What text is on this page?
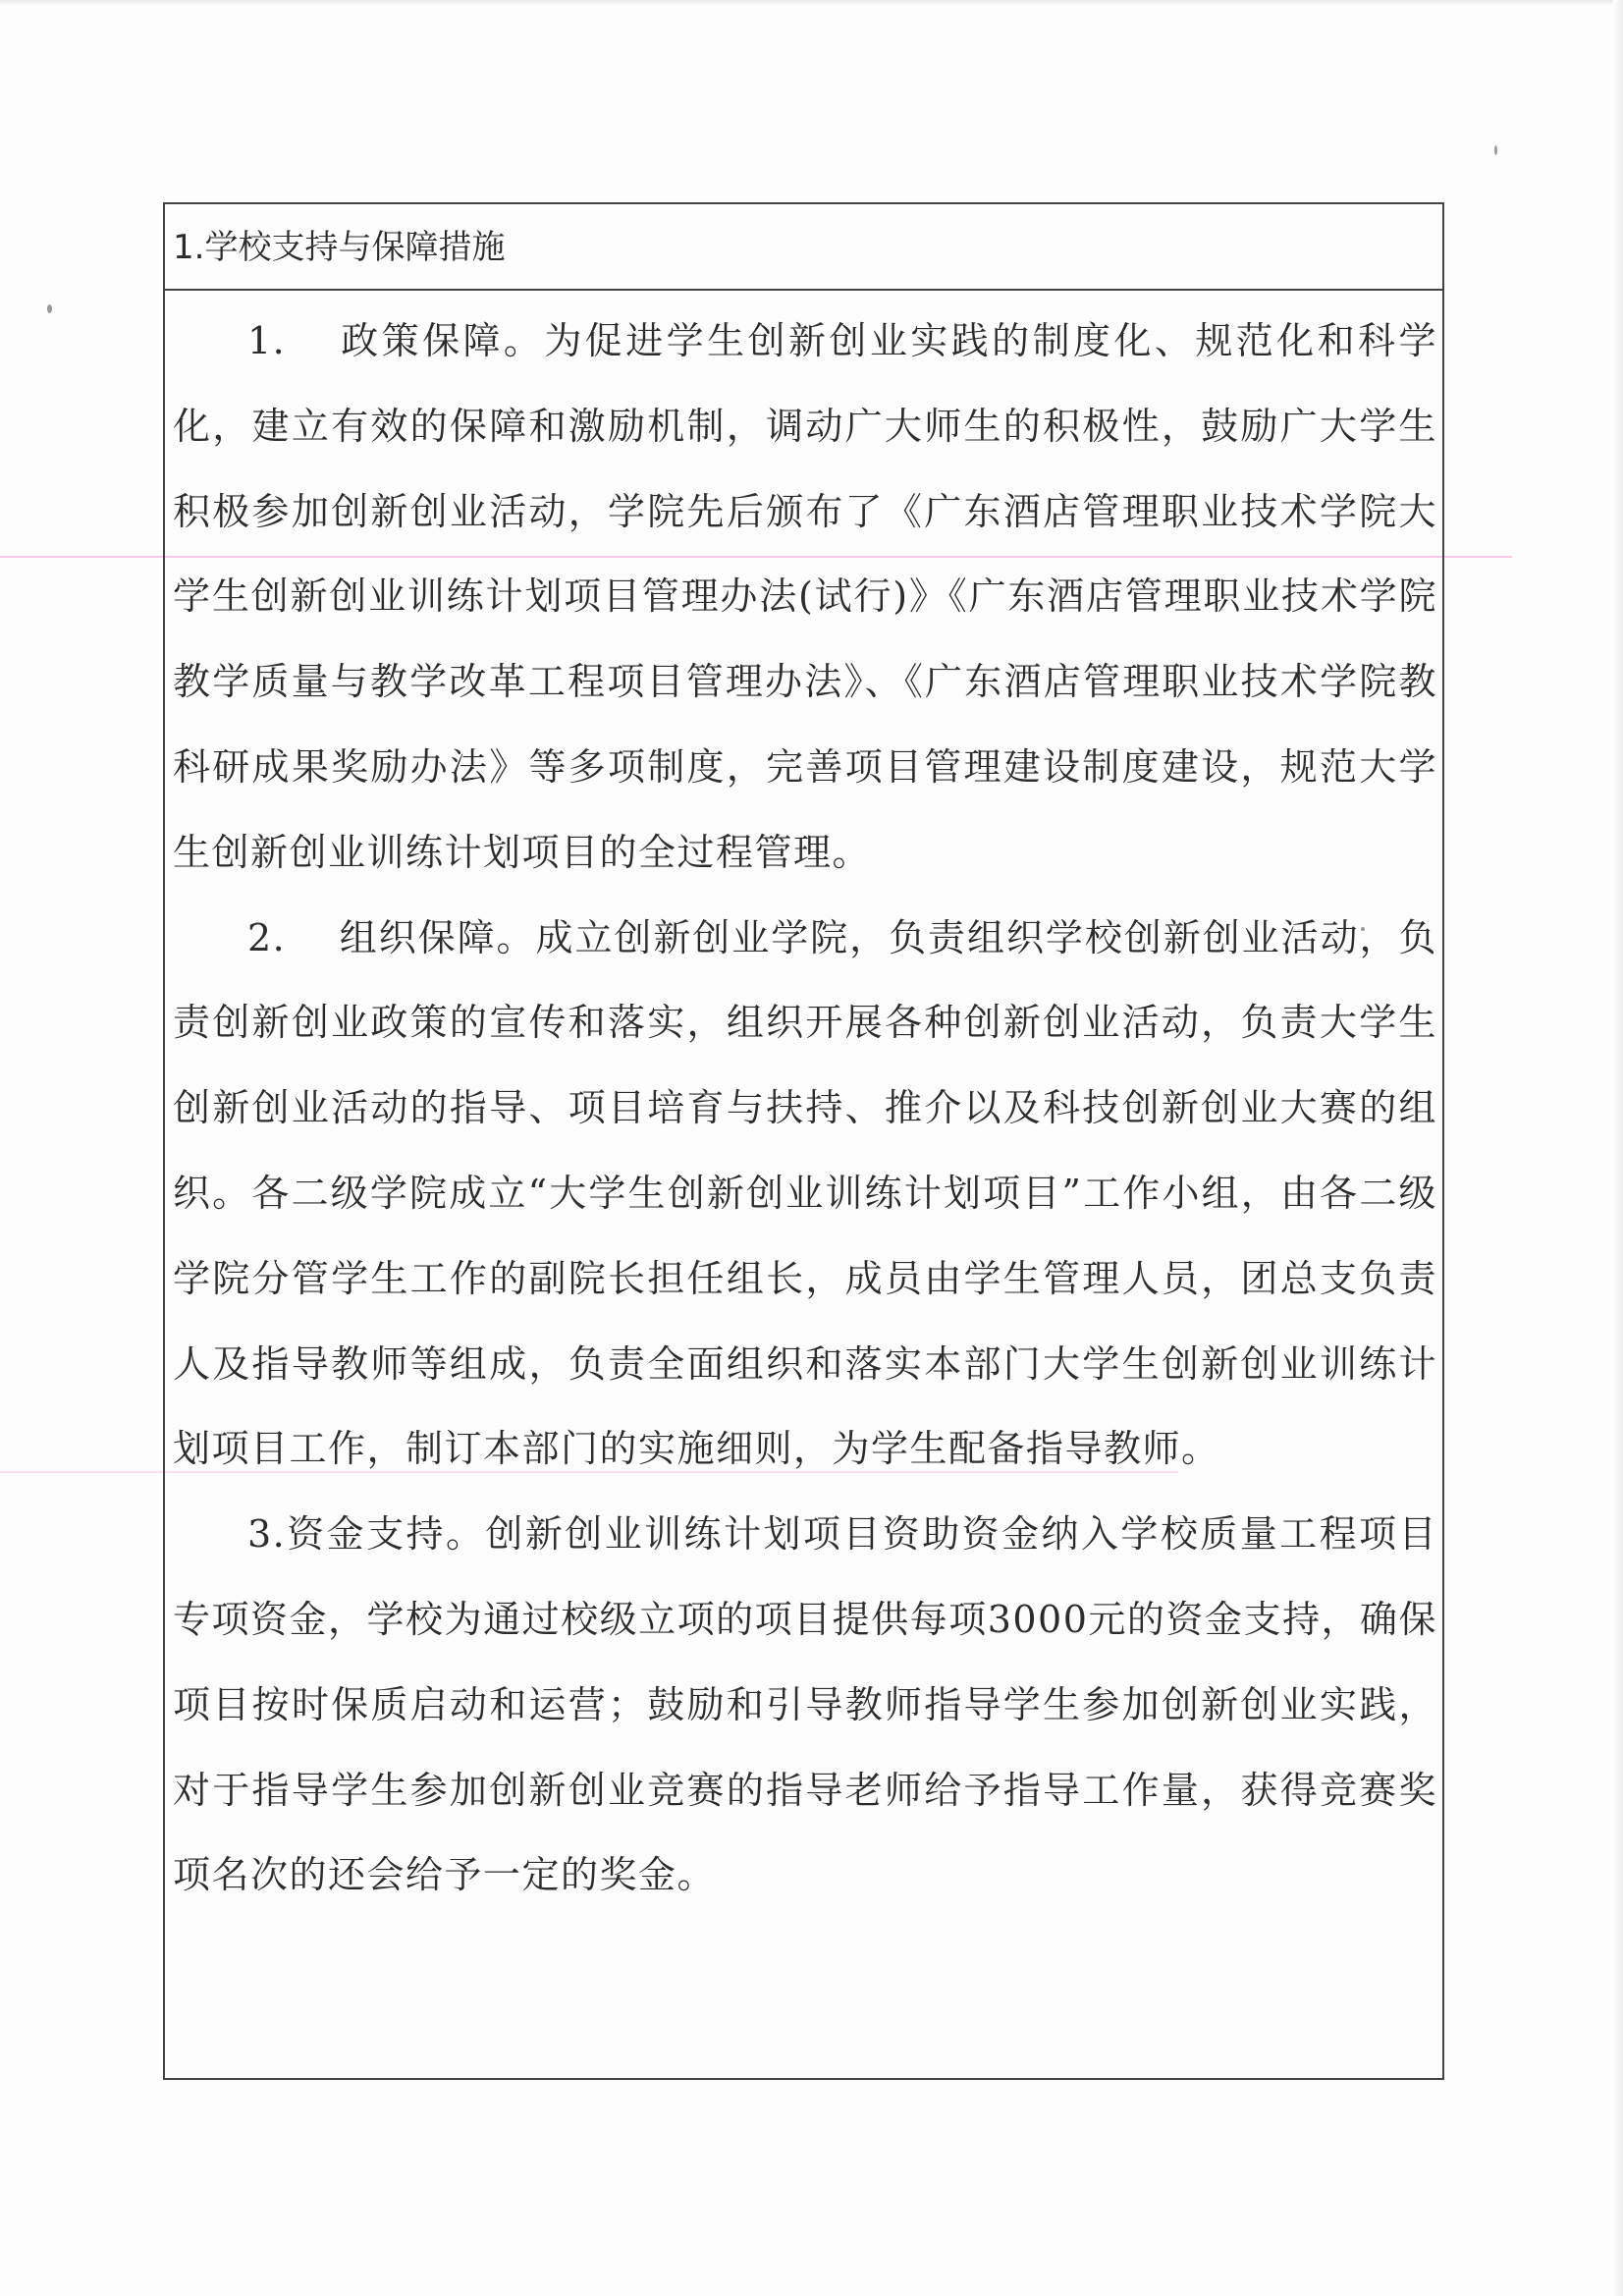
1.学校支持与保障措施

1. 政策保障。为促进学生创新创业实践的制度化、规范化和科学化，建立有效的保障和激励机制，调动广大师生的积极性，鼓励广大学生积极参加创新创业活动，学院先后颁布了《广东酒店管理职业技术学院大学生创新创业训练计划项目管理办法(试行)》《广东酒店管理职业技术学院教学质量与教学改革工程项目管理办法》、《广东酒店管理职业技术学院教科研成果奖励办法》等多项制度，完善项目管理建设制度建设，规范大学生创新创业训练计划项目的全过程管理。

2. 组织保障。成立创新创业学院，负责组织学校创新创业活动，负责创新创业政策的宣传和落实，组织开展各种创新创业活动，负责大学生创新创业活动的指导、项目培育与扶持、推介以及科技创新创业大赛的组织。各二级学院成立“大学生创新创业训练计划项目”工作小组，由各二级学院分管学生工作的副院长担任组长，成员由学生管理人员，团总支负责人及指导教师等组成，负责全面组织和落实本部门大学生创新创业训练计划项目工作，制订本部门的实施细则，为学生配备指导教师。

3.资金支持。创新创业训练计划项目资助资金纳入学校质量工程项目专项资金，学校为通过校级立项的项目提供每项3000元的资金支持，确保项目按时保质启动和运营；鼓励和引导教师指导学生参加创新创业实践，对于指导学生参加创新创业竞赛的指导老师给予指导工作量，获得竞赛奖项名次的还会给予一定的奖金。
